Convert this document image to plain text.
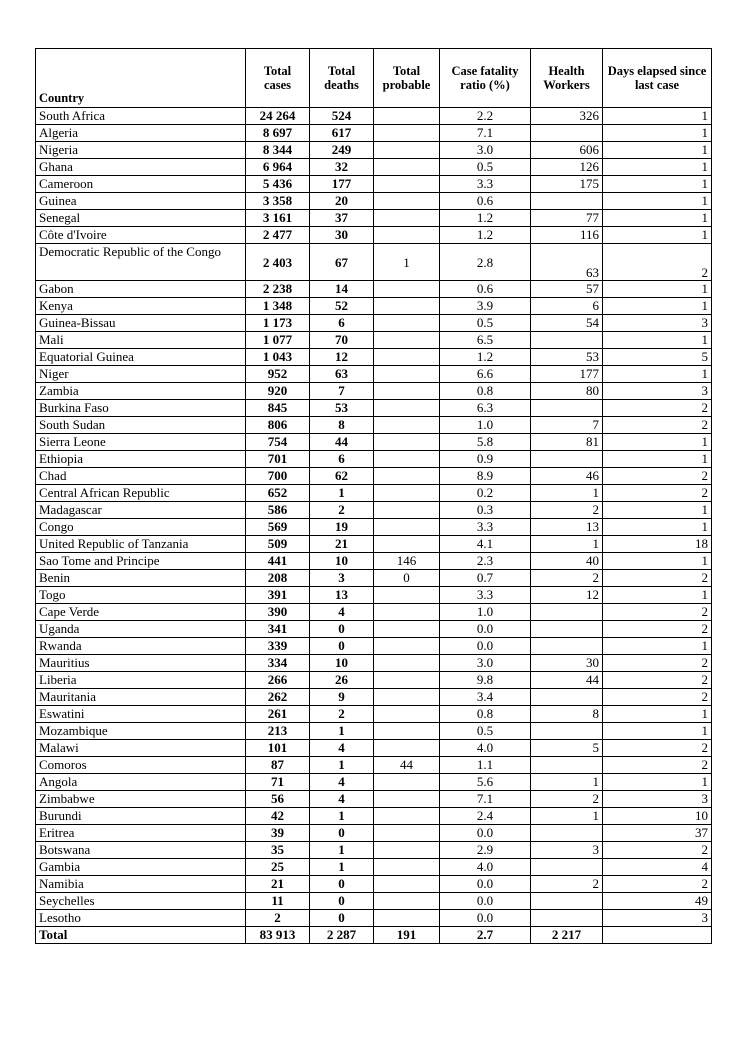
Country	Total cases	Total deaths	Total probable	Case fatality ratio (%)	Health Workers	Days elapsed since last case
South Africa	24 264	524		2.2	326	1
Algeria	8 697	617		7.1		1
Nigeria	8 344	249		3.0	606	1
Ghana	6 964	32		0.5	126	1
Cameroon	5 436	177		3.3	175	1
Guinea	3 358	20		0.6		1
Senegal	3 161	37		1.2	77	1
Côte d'Ivoire	2 477	30		1.2	116	1
Democratic Republic of the Congo	2 403	67	1	2.8	63	2
Gabon	2 238	14		0.6	57	1
Kenya	1 348	52		3.9	6	1
Guinea-Bissau	1 173	6		0.5	54	3
Mali	1 077	70		6.5		1
Equatorial Guinea	1 043	12		1.2	53	5
Niger	952	63		6.6	177	1
Zambia	920	7		0.8	80	3
Burkina Faso	845	53		6.3		2
South Sudan	806	8		1.0	7	2
Sierra Leone	754	44		5.8	81	1
Ethiopia	701	6		0.9		1
Chad	700	62		8.9	46	2
Central African Republic	652	1		0.2	1	2
Madagascar	586	2		0.3	2	1
Congo	569	19		3.3	13	1
United Republic of Tanzania	509	21		4.1	1	18
Sao Tome and Principe	441	10	146	2.3	40	1
Benin	208	3	0	0.7	2	2
Togo	391	13		3.3	12	1
Cape Verde	390	4		1.0		2
Uganda	341	0		0.0		2
Rwanda	339	0		0.0		1
Mauritius	334	10		3.0	30	2
Liberia	266	26		9.8	44	2
Mauritania	262	9		3.4		2
Eswatini	261	2		0.8	8	1
Mozambique	213	1		0.5		1
Malawi	101	4		4.0	5	2
Comoros	87	1	44	1.1		2
Angola	71	4		5.6	1	1
Zimbabwe	56	4		7.1	2	3
Burundi	42	1		2.4	1	10
Eritrea	39	0		0.0		37
Botswana	35	1		2.9	3	2
Gambia	25	1		4.0		4
Namibia	21	0		0.0	2	2
Seychelles	11	0		0.0		49
Lesotho	2	0		0.0		3
Total	83 913	2 287	191	2.7	2 217	
